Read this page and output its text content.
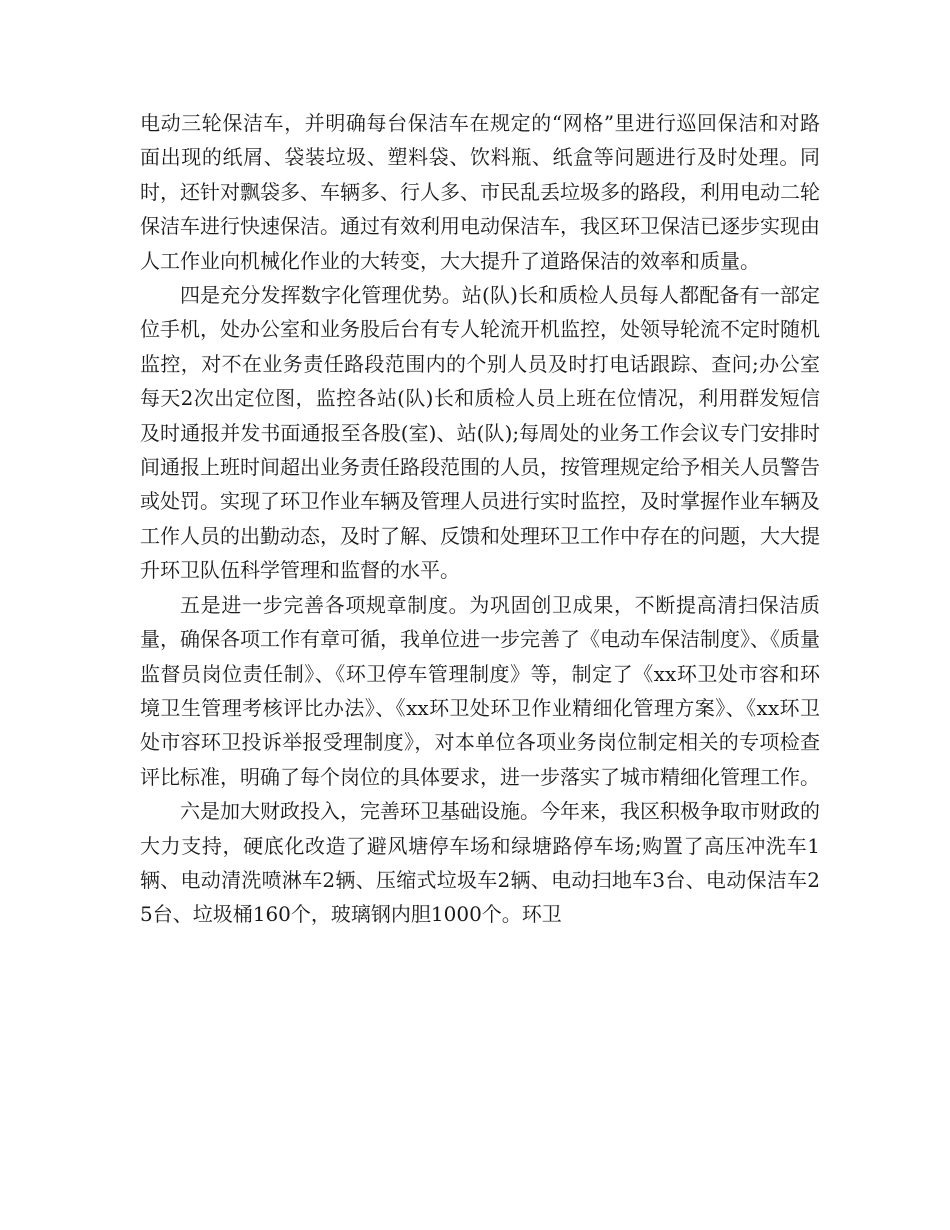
电动三轮保洁车，并明确每台保洁车在规定的“网格”里进行巡回保洁和对路面出现的纸屑、袋装垃圾、塑料袋、饮料瓶、纸盒等问题进行及时处理。同时，还针对飘袋多、车辆多、行人多、市民乱丢垃圾多的路段，利用电动二轮保洁车进行快速保洁。通过有效利用电动保洁车，我区环卫保洁已逐步实现由人工作业向机械化作业的大转变，大大提升了道路保洁的效率和质量。

四是充分发挥数字化管理优势。站(队)长和质检人员每人都配备有一部定位手机，处办公室和业务股后台有专人轮流开机监控，处领导轮流不定时随机监控，对不在业务责任路段范围内的个别人员及时打电话跟踪、查问;办公室每天2次出定位图，监控各站(队)长和质检人员上班在位情况，利用群发短信及时通报并发书面通报至各股(室)、站(队);每周处的业务工作会议专门安排时间通报上班时间超出业务责任路段范围的人员，按管理规定给予相关人员警告或处罚。实现了环卫作业车辆及管理人员进行实时监控，及时掌握作业车辆及工作人员的出勤动态，及时了解、反馈和处理环卫工作中存在的问题，大大提升环卫队伍科学管理和监督的水平。

五是进一步完善各项规章制度。为巩固创卫成果，不断提高清扫保洁质量，确保各项工作有章可循，我单位进一步完善了《电动车保洁制度》、《质量监督员岗位责任制》、《环卫停车管理制度》等，制定了《xx环卫处市容和环境卫生管理考核评比办法》、《xx环卫处环卫作业精细化管理方案》、《xx环卫处市容环卫投诉举报受理制度》，对本单位各项业务岗位制定相关的专项检查评比标准，明确了每个岗位的具体要求，进一步落实了城市精细化管理工作。

六是加大财政投入，完善环卫基础设施。今年来，我区积极争取市财政的大力支持，硬底化改造了避风塘停车场和绿塘路停车场;购置了高压冲洗车1辆、电动清洗喷淋车2辆、压缩式垃圾车2辆、电动扫地车3台、电动保洁车25台、垃圾桶160个，玻璃钢内胆1000个。环卫
